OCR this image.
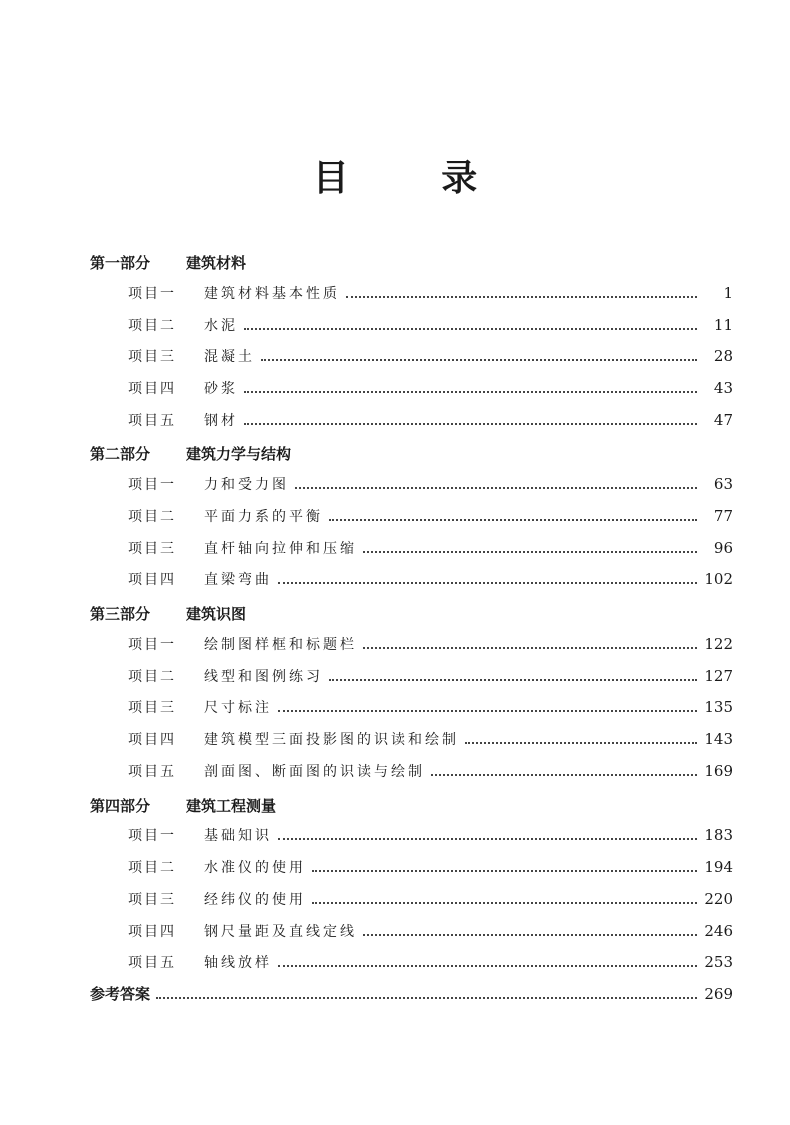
目 录
第一部分 建筑材料
项目一	建筑材料基本性质	1
项目二	水泥	11
项目三	混凝土	28
项目四	砂浆	43
项目五	钢材	47
第二部分 建筑力学与结构
项目一	力和受力图	63
项目二	平面力系的平衡	77
项目三	直杆轴向拉伸和压缩	96
项目四	直梁弯曲	102
第三部分 建筑识图
项目一	绘制图样框和标题栏	122
项目二	线型和图例练习	127
项目三	尺寸标注	135
项目四	建筑模型三面投影图的识读和绘制	143
项目五	剖面图、断面图的识读与绘制	169
第四部分 建筑工程测量
项目一	基础知识	183
项目二	水准仪的使用	194
项目三	经纬仪的使用	220
项目四	钢尺量距及直线定线	246
项目五	轴线放样	253
参考答案	269
